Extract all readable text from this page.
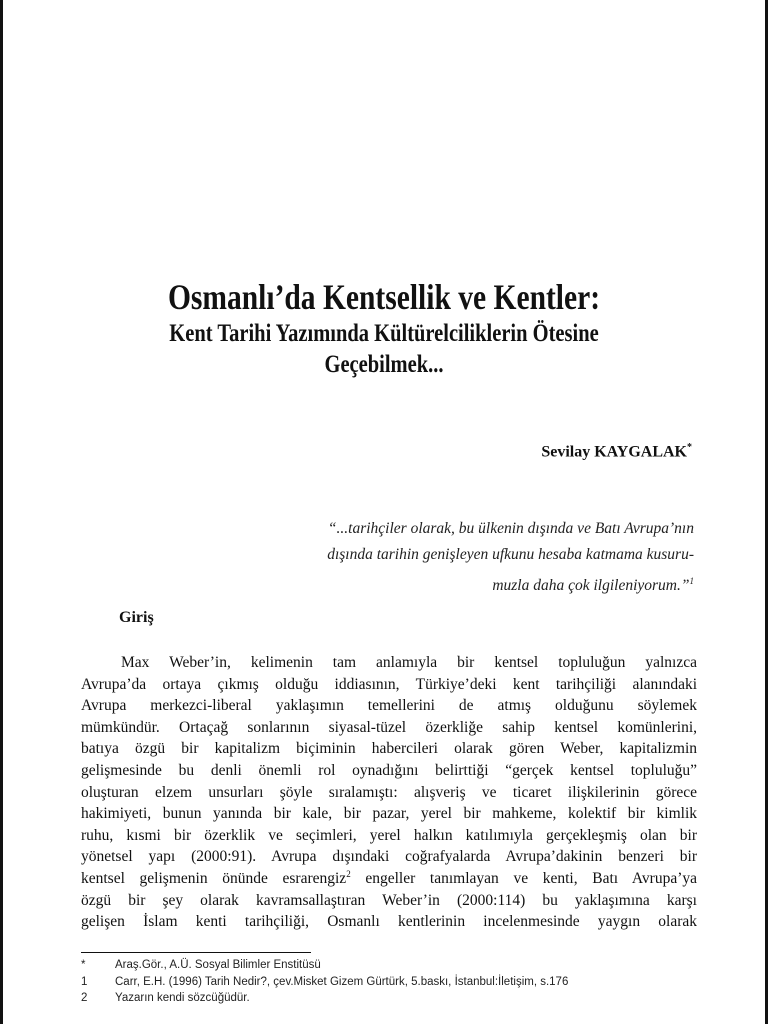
Osmanlı’da Kentsellik ve Kentler:
Kent Tarihi Yazımında Kültürelciliklerin Ötesine
Geçebilmek...
Sevilay KAYGALAK*
“...tarihçiler olarak, bu ülkenin dışında ve Batı Avrupa’nın
dışında tarihin genişleyen ufkunu hesaba katmama kusuru-
muzla daha çok ilgileniyorum.”$^1$
Giriş
Max Weber’in, kelimenin tam anlamıyla bir kentsel topluluğun yalnızca
Avrupa’da ortaya çıkmış olduğu iddiasının, Türkiye’deki kent tarihçiliği alanındaki
Avrupa merkezci-liberal yaklaşımın temellerini de atmış olduğunu söylemek
mümkündür. Ortaçağ sonlarının siyasal-tüzel özerkliğe sahip kentsel komünlerini,
batıya özgü bir kapitalizm biçiminin habercileri olarak gören Weber, kapitalizmin
gelişmesinde bu denli önemli rol oynadığını belirttiği “gerçek kentsel topluluğu”
oluşturan elzem unsurları şöyle sıralamıştı: alışveriş ve ticaret ilişkilerinin görece
hakimiyeti, bunun yanında bir kale, bir pazar, yerel bir mahkeme, kolektif bir kimlik
ruhu, kısmi bir özerklik ve seçimleri, yerel halkın katılımıyla gerçekleşmiş olan bir
yönetsel yapı (2000:91). Avrupa dışındaki coğrafyalarda Avrupa’dakinin benzeri bir
kentsel gelişmenin önünde esrarengiz$^2$ engeller tanımlayan ve kenti, Batı Avrupa’ya
özgü bir şey olarak kavramsallaştıran Weber’in (2000:114) bu yaklaşımına karşı
gelişen İslam kenti tarihçiliği, Osmanlı kentlerinin incelenmesinde yaygın olarak
*	Araş.Gör., A.Ü. Sosyal Bilimler Enstitüsü
1	Carr, E.H. (1996) Tarih Nedir?, çev.Misket Gizem Gürtürk, 5.baskı, İstanbul:İletişim, s.176
2	Yazarın kendi sözcüğüdür.
